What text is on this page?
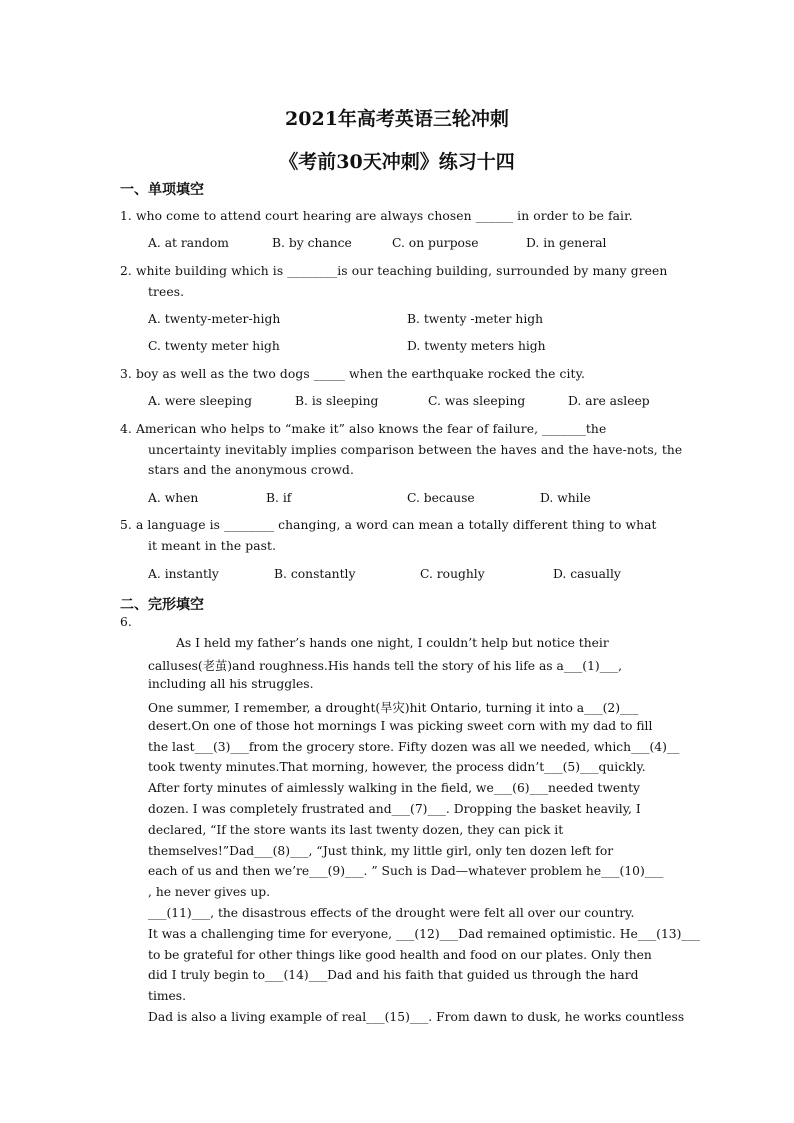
2021年高考英语三轮冲刺
《考前30天冲刺》练习十四
一、单项填空
1. who come to attend court hearing are always chosen ______ in order to be fair.
A. at random	B. by chance	C. on purpose	D. in general
2. white building which is ________is our teaching building, surrounded by many green
trees.
A. twenty-meter-high	B. twenty -meter high
C. twenty meter high	D. twenty meters high
3. boy as well as the two dogs _____ when the earthquake rocked the city.
A. were sleeping	B. is sleeping	C. was sleeping	D. are asleep
4. American who helps to “make it” also knows the fear of failure, _______the
uncertainty inevitably implies comparison between the haves and the have-nots, the
stars and the anonymous crowd.
A. when	B. if	C. because	D. while
5. a language is ________ changing, a word can mean a totally different thing to what
it meant in the past.
A. instantly	B. constantly	C. roughly	D. casually
二、完形填空
6.
As I held my father’s hands one night, I couldn’t help but notice their
calluses(老茧)and roughness.His hands tell the story of his life as a___(1)___,
including all his struggles.
One summer, I remember, a drought(旱灾)hit Ontario, turning it into a___(2)___
desert.On one of those hot mornings I was picking sweet corn with my dad to fill
the last___(3)___from the grocery store. Fifty dozen was all we needed, which___(4)__
took twenty minutes.That morning, however, the process didn’t___(5)___quickly.
After forty minutes of aimlessly walking in the field, we___(6)___needed twenty
dozen. I was completely frustrated and___(7)___. Dropping the basket heavily, I
declared, “If the store wants its last twenty dozen, they can pick it
themselves!”Dad___(8)___, “Just think, my little girl, only ten dozen left for
each of us and then we’re___(9)___. ” Such is Dad—whatever problem he___(10)___
, he never gives up.
___(11)___, the disastrous effects of the drought were felt all over our country.
It was a challenging time for everyone, ___(12)___Dad remained optimistic. He___(13)___
to be grateful for other things like good health and food on our plates. Only then
did I truly begin to___(14)___Dad and his faith that guided us through the hard
times.
Dad is also a living example of real___(15)___. From dawn to dusk, he works countless
